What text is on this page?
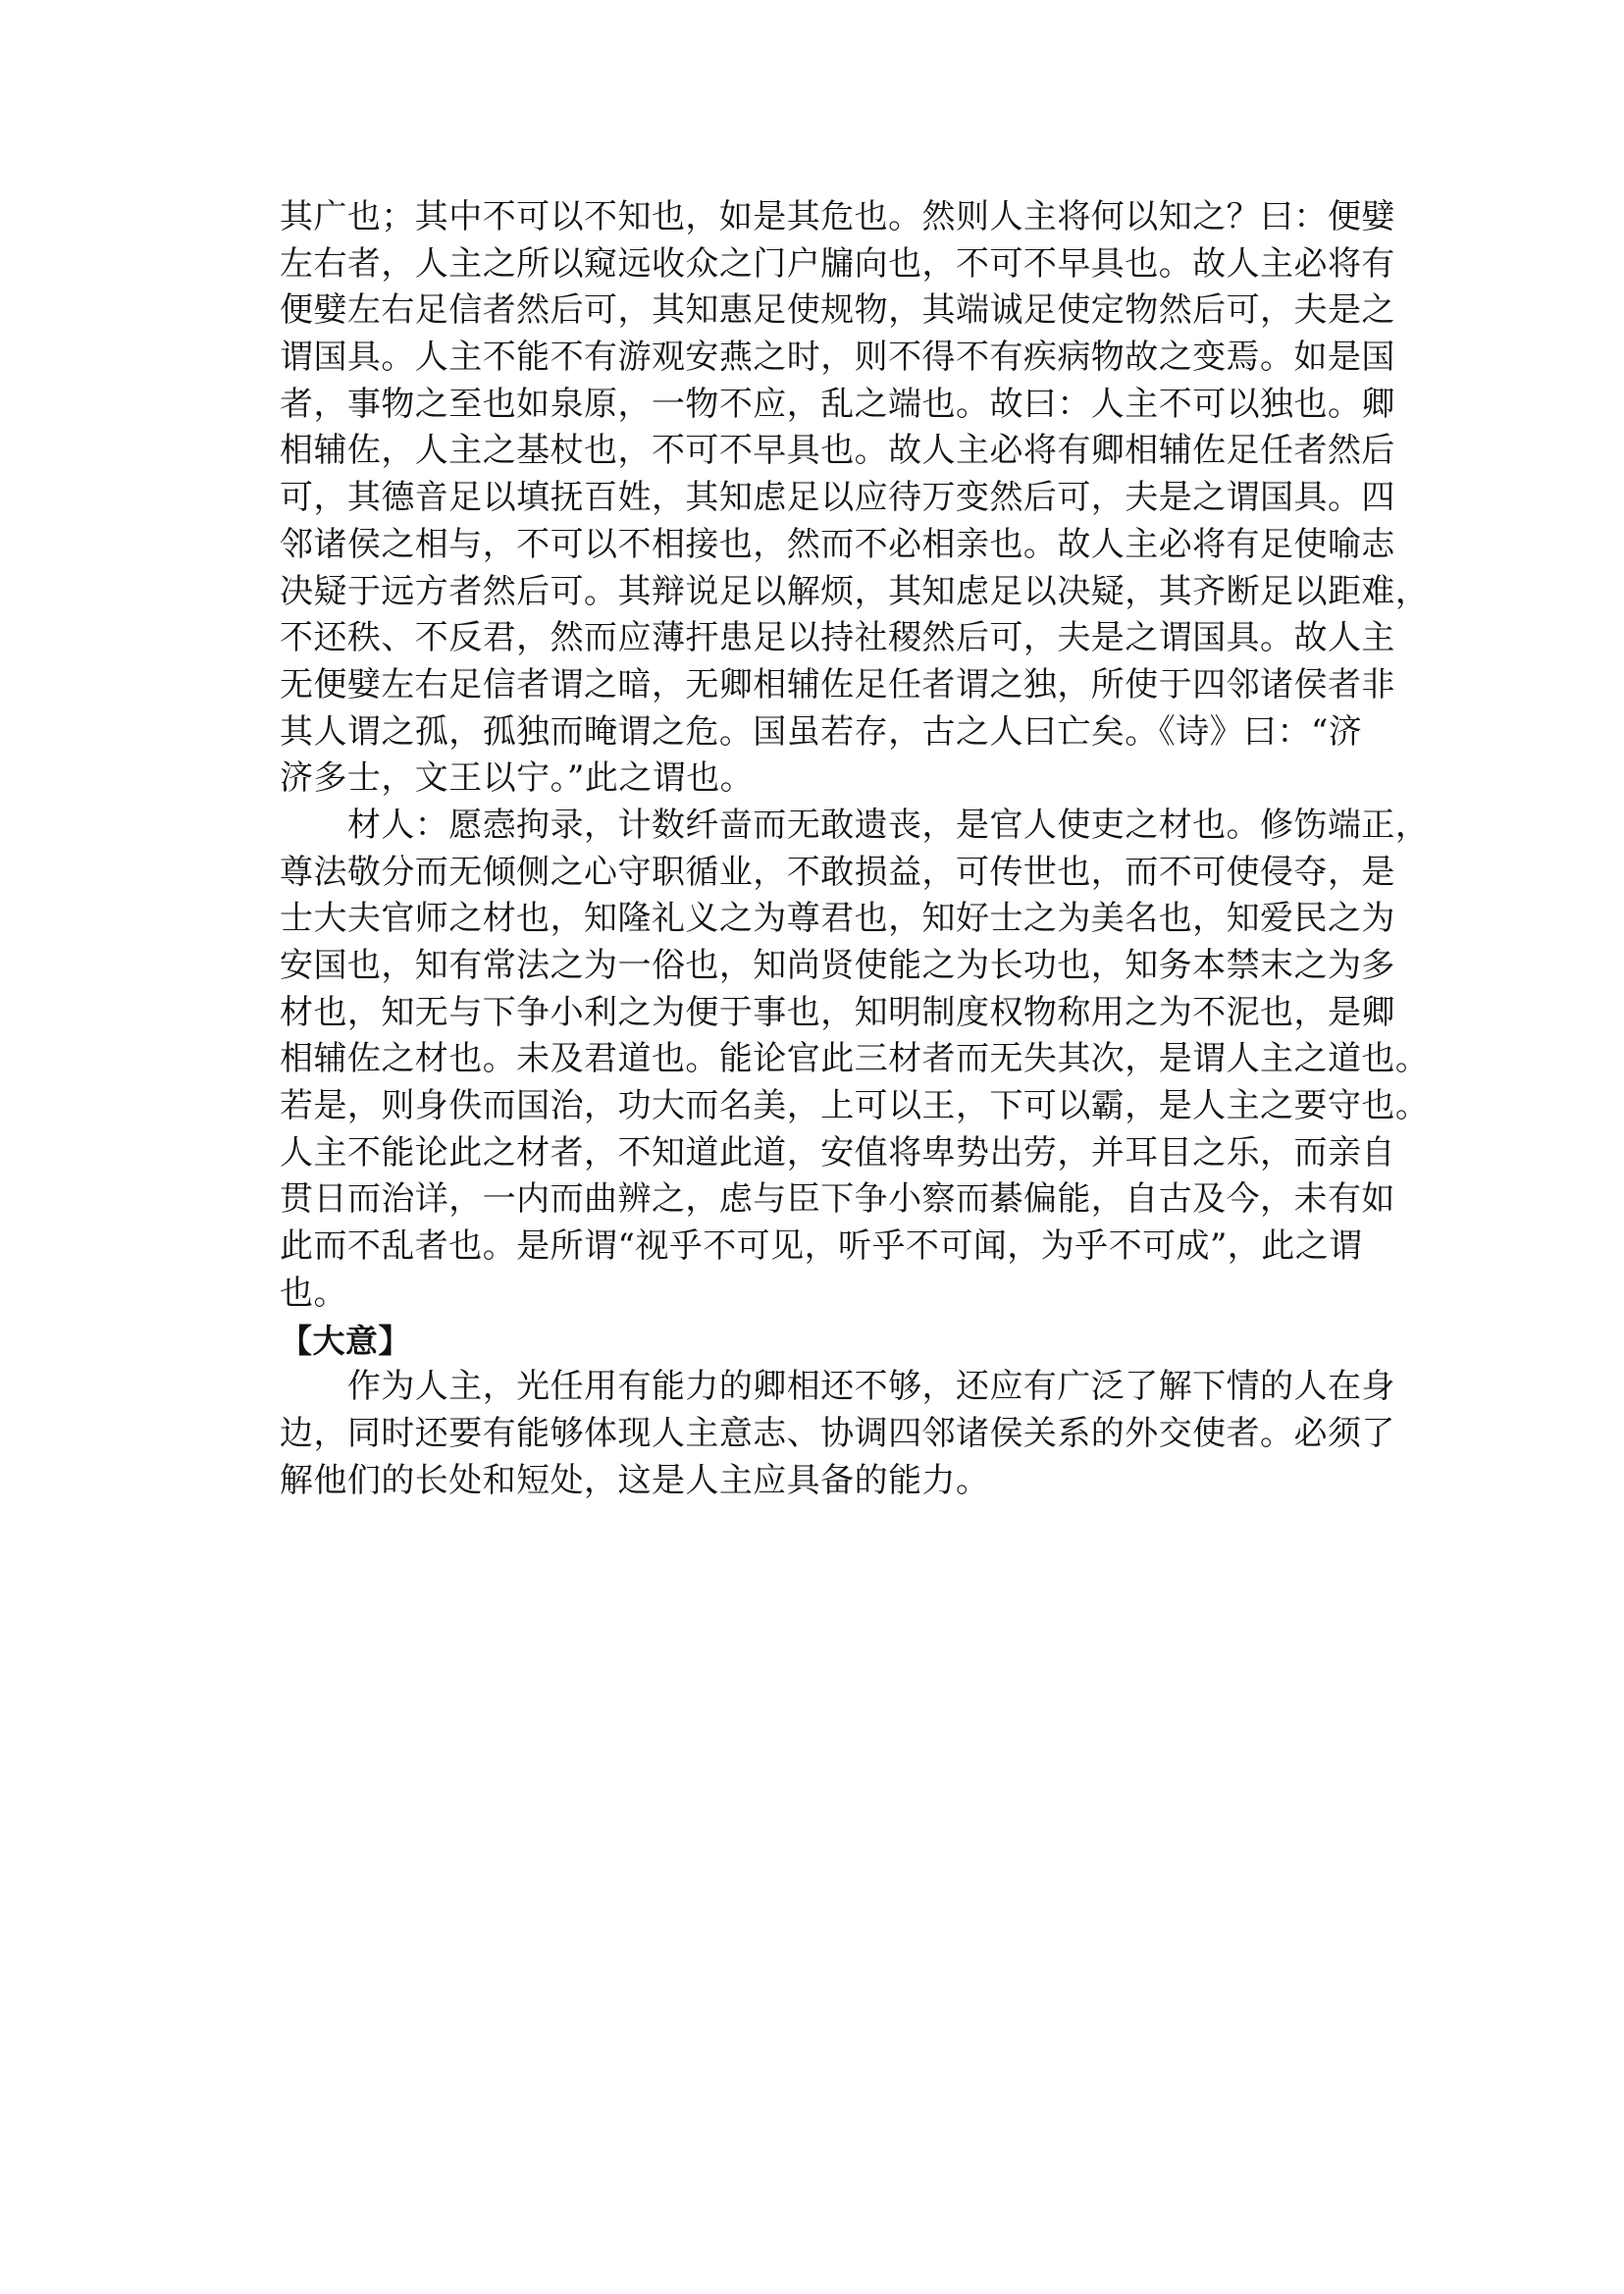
其广也；其中不可以不知也，如是其危也。然则人主将何以知之？曰：便嬖
左右者，人主之所以窥远收众之门户牖向也，不可不早具也。故人主必将有
便嬖左右足信者然后可，其知惠足使规物，其端诚足使定物然后可，夫是之
谓国具。人主不能不有游观安燕之时，则不得不有疾病物故之变焉。如是国
者，事物之至也如泉原，一物不应，乱之端也。故曰：人主不可以独也。卿
相辅佐，人主之基杖也，不可不早具也。故人主必将有卿相辅佐足任者然后
可，其德音足以填抚百姓，其知虑足以应待万变然后可，夫是之谓国具。四
邻诸侯之相与，不可以不相接也，然而不必相亲也。故人主必将有足使喻志
决疑于远方者然后可。其辩说足以解烦，其知虑足以决疑，其齐断足以距难，
不还秩、不反君，然而应薄扞患足以持社稷然后可，夫是之谓国具。故人主
无便嬖左右足信者谓之暗，无卿相辅佐足任者谓之独，所使于四邻诸侯者非
其人谓之孤，孤独而晻谓之危。国虽若存，古之人曰亡矣。《诗》曰：“济
济多士，文王以宁。”此之谓也。
　　材人：愿悫拘录，计数纤啬而无敢遗丧，是官人使吏之材也。修饬端正，
尊法敬分而无倾侧之心守职循业，不敢损益，可传世也，而不可使侵夺，是
士大夫官师之材也，知隆礼义之为尊君也，知好士之为美名也，知爱民之为
安国也，知有常法之为一俗也，知尚贤使能之为长功也，知务本禁末之为多
材也，知无与下争小利之为便于事也，知明制度权物称用之为不泥也，是卿
相辅佐之材也。未及君道也。能论官此三材者而无失其次，是谓人主之道也。
若是，则身佚而国治，功大而名美，上可以王，下可以霸，是人主之要守也。
人主不能论此之材者，不知道此道，安值将卑势出劳，并耳目之乐，而亲自
贯日而治详，一内而曲辨之，虑与臣下争小察而綦偏能，自古及今，未有如
此而不乱者也。是所谓“视乎不可见，听乎不可闻，为乎不可成”，此之谓
也。
【大意】
　　作为人主，光任用有能力的卿相还不够，还应有广泛了解下情的人在身
边，同时还要有能够体现人主意志、协调四邻诸侯关系的外交使者。必须了
解他们的长处和短处，这是人主应具备的能力。
